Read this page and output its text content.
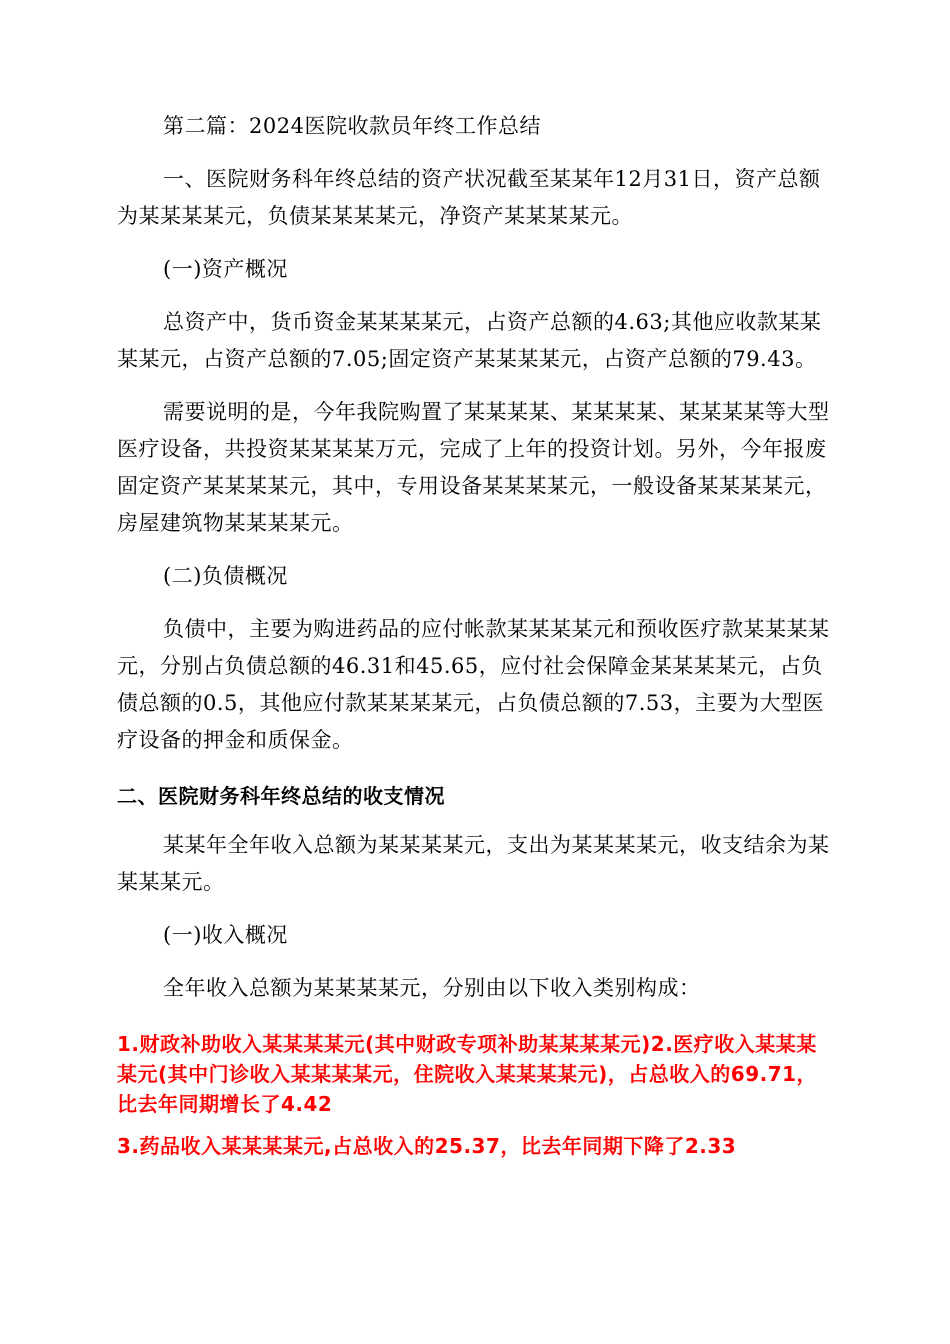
第二篇：2024医院收款员年终工作总结

一、医院财务科年终总结的资产状况截至某某年12月31日，资产总额为某某某某元，负债某某某某元，净资产某某某某元。

(一)资产概况

总资产中，货币资金某某某某元，占资产总额的4.63;其他应收款某某某某元，占资产总额的7.05;固定资产某某某某元，占资产总额的79.43。

需要说明的是，今年我院购置了某某某某、某某某某、某某某某等大型医疗设备，共投资某某某某万元，完成了上年的投资计划。另外，今年报废固定资产某某某某元，其中，专用设备某某某某元，一般设备某某某某元，房屋建筑物某某某某元。

(二)负债概况

负债中，主要为购进药品的应付帐款某某某某元和预收医疗款某某某某元，分别占负债总额的46.31和45.65，应付社会保障金某某某某元，占负债总额的0.5，其他应付款某某某某元，占负债总额的7.53，主要为大型医疗设备的押金和质保金。

二、医院财务科年终总结的收支情况

某某年全年收入总额为某某某某元，支出为某某某某元，收支结余为某某某某元。

(一)收入概况

全年收入总额为某某某某元，分别由以下收入类别构成：

1.财政补助收入某某某某元(其中财政专项补助某某某某元)2.医疗收入某某某某元(其中门诊收入某某某某元，住院收入某某某某元)，占总收入的69.71，比去年同期增长了4.42

3.药品收入某某某某元,占总收入的25.37，比去年同期下降了2.33
